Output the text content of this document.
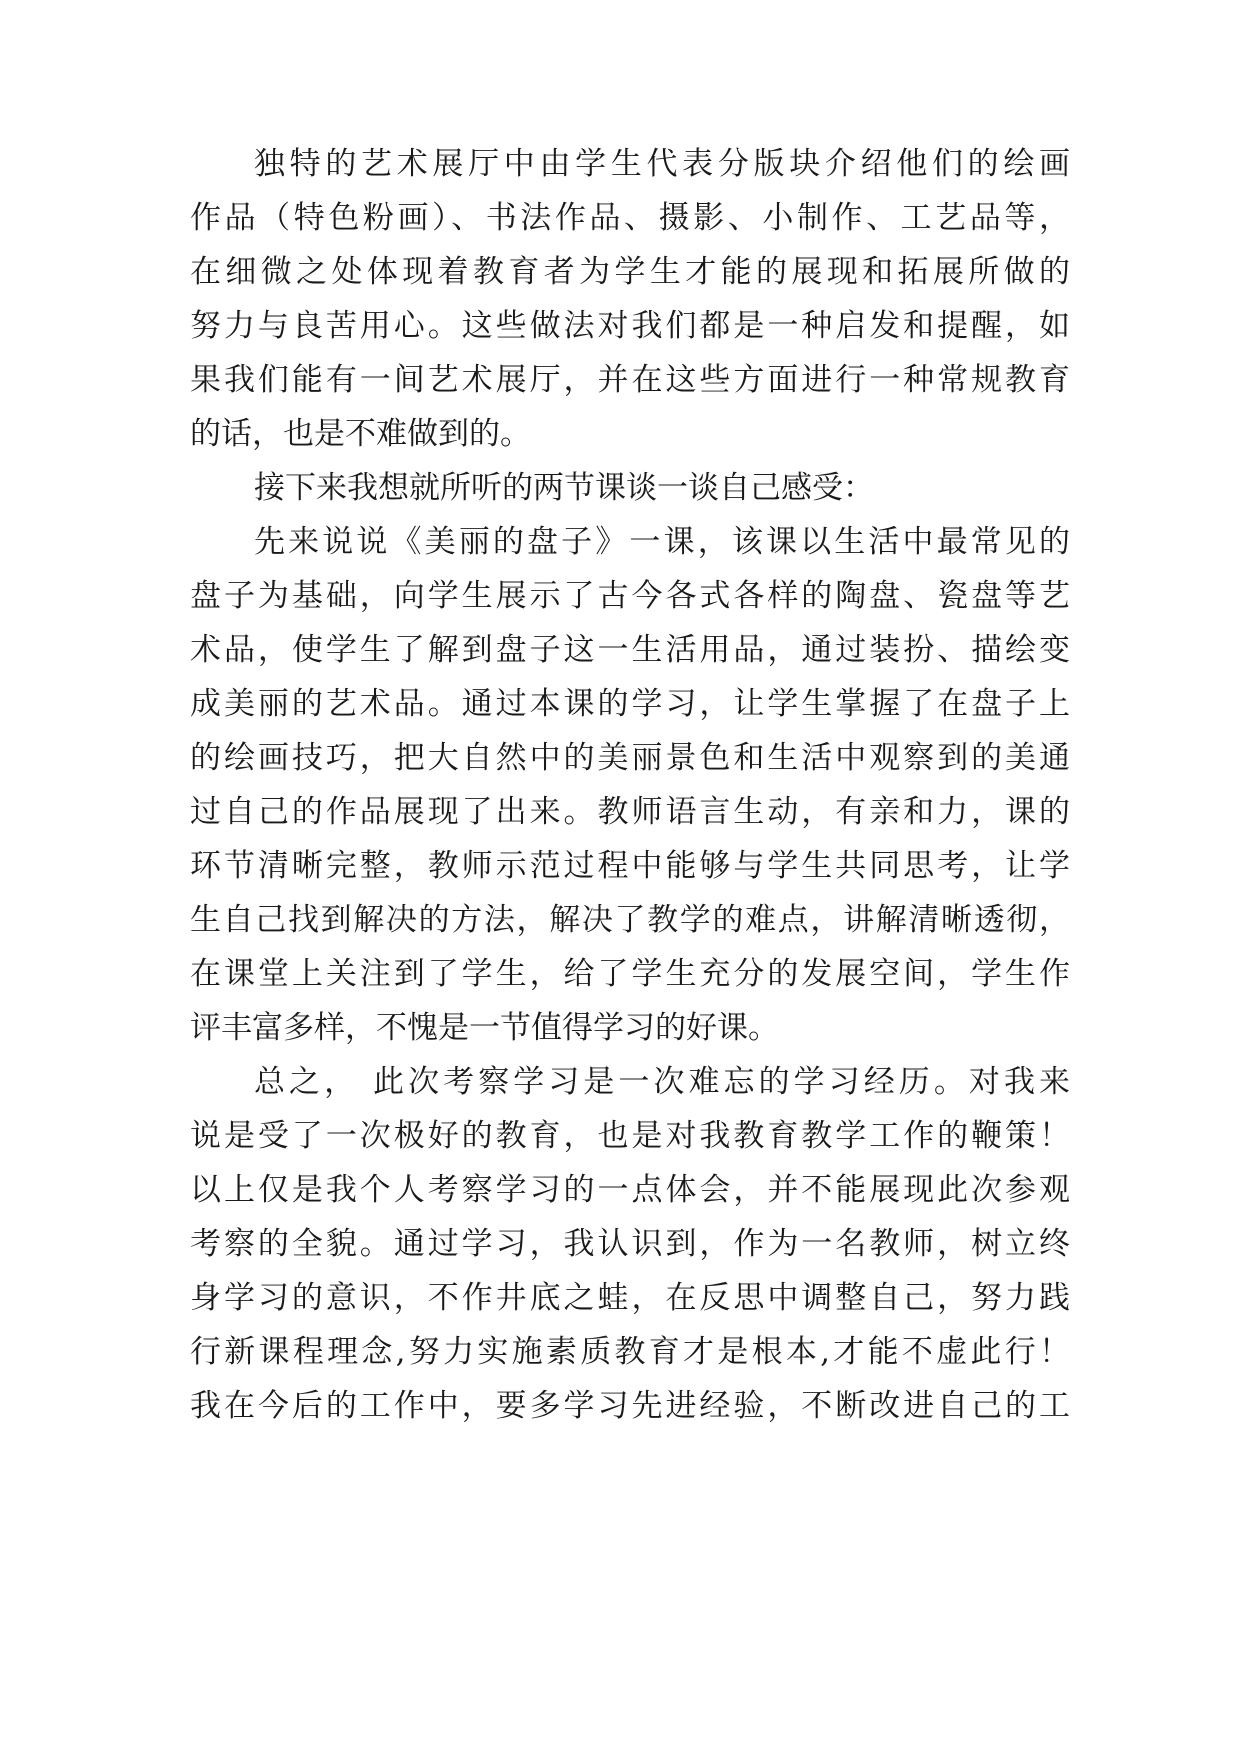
独特的艺术展厅中由学生代表分版块介绍他们的绘画
作品（特色粉画）、书法作品、摄影、小制作、工艺品等，
在细微之处体现着教育者为学生才能的展现和拓展所做的
努力与良苦用心。这些做法对我们都是一种启发和提醒，如
果我们能有一间艺术展厅，并在这些方面进行一种常规教育
的话，也是不难做到的。
接下来我想就所听的两节课谈一谈自己感受：
先来说说《美丽的盘子》一课，该课以生活中最常见的
盘子为基础，向学生展示了古今各式各样的陶盘、瓷盘等艺
术品，使学生了解到盘子这一生活用品，通过装扮、描绘变
成美丽的艺术品。通过本课的学习，让学生掌握了在盘子上
的绘画技巧，把大自然中的美丽景色和生活中观察到的美通
过自己的作品展现了出来。教师语言生动，有亲和力，课的
环节清晰完整，教师示范过程中能够与学生共同思考，让学
生自己找到解决的方法，解决了教学的难点，讲解清晰透彻，
在课堂上关注到了学生，给了学生充分的发展空间，学生作
评丰富多样，不愧是一节值得学习的好课。
总之， 此次考察学习是一次难忘的学习经历。对我来
说是受了一次极好的教育，也是对我教育教学工作的鞭策！
以上仅是我个人考察学习的一点体会，并不能展现此次参观
考察的全貌。通过学习，我认识到，作为一名教师，树立终
身学习的意识，不作井底之蛙，在反思中调整自己，努力践
行新课程理念,努力实施素质教育才是根本,才能不虚此行！
我在今后的工作中，要多学习先进经验，不断改进自己的工
